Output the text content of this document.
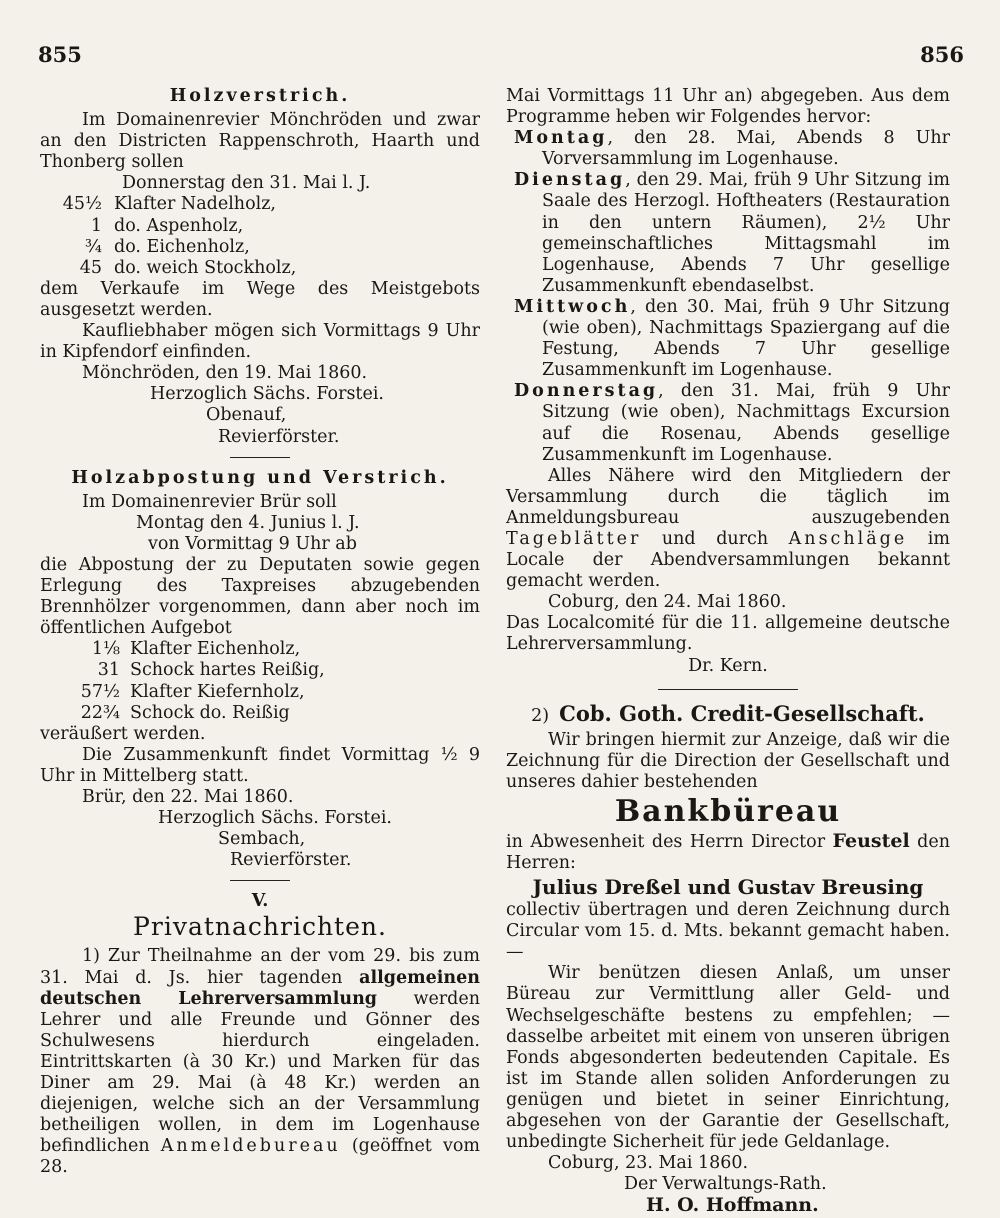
855	856

Holzverstrich.

Im Domainenrevier Mönchröden und zwar an den Districten Rappenschroth, Haarth und Thonberg sollen

Donnerstag den 31. Mai l. J.

45½ Klafter Nadelholz,

1 do. Aspenholz,

¾ do. Eichenholz,

45 do. weich Stockholz,

dem Verkaufe im Wege des Meistgebots ausgesetzt werden.

Kaufliebhaber mögen sich Vormittags 9 Uhr in Kipfendorf einfinden.

Mönchröden, den 19. Mai 1860.

Herzoglich Sächs. Forstei.

Obenauf,

Revierförster.

Holzabpostung und Verstrich.

Im Domainenrevier Brür soll

Montag den 4. Junius l. J.

von Vormittag 9 Uhr ab

die Abpostung der zu Deputaten sowie gegen Erlegung des Taxpreises abzugebenden Brennhölzer vorgenommen, dann aber noch im öffentlichen Aufgebot

1⅛ Klafter Eichenholz,

31 Schock hartes Reißig,

57½ Klafter Kiefernholz,

22¾ Schock do. Reißig

veräußert werden.

Die Zusammenkunft findet Vormittag ½ 9 Uhr in Mittelberg statt.

Brür, den 22. Mai 1860.

Herzoglich Sächs. Forstei.

Sembach,

Revierförster.

V.

Privatnachrichten.

1) Zur Theilnahme an der vom 29. bis zum 31. Mai d. Js. hier tagenden allgemeinen deutschen Lehrerversammlung werden Lehrer und alle Freunde und Gönner des Schulwesens hierdurch eingeladen. Eintrittskarten (à 30 Kr.) und Marken für das Diner am 29. Mai (à 48 Kr.) werden an diejenigen, welche sich an der Versammlung betheiligen wollen, in dem im Logenhause befindlichen Anmeldebureau (geöffnet vom 28.

Mai Vormittags 11 Uhr an) abgegeben. Aus dem Programme heben wir Folgendes hervor:

Montag, den 28. Mai, Abends 8 Uhr Vorversammlung im Logenhause.

Dienstag, den 29. Mai, früh 9 Uhr Sitzung im Saale des Herzogl. Hoftheaters (Restauration in den untern Räumen), 2½ Uhr gemeinschaftliches Mittagsmahl im Logenhause, Abends 7 Uhr gesellige Zusammenkunft ebendaselbst.

Mittwoch, den 30. Mai, früh 9 Uhr Sitzung (wie oben), Nachmittags Spaziergang auf die Festung, Abends 7 Uhr gesellige Zusammenkunft im Logenhause.

Donnerstag, den 31. Mai, früh 9 Uhr Sitzung (wie oben), Nachmittags Excursion auf die Rosenau, Abends gesellige Zusammenkunft im Logenhause.

Alles Nähere wird den Mitgliedern der Versammlung durch die täglich im Anmeldungsbureau auszugebenden Tageblätter und durch Anschläge im Locale der Abendversammlungen bekannt gemacht werden.

Coburg, den 24. Mai 1860.

Das Localcomité für die 11. allgemeine deutsche Lehrerversammlung.

Dr. Kern.

2) Cob. Goth. Credit-Gesellschaft.

Wir bringen hiermit zur Anzeige, daß wir die Zeichnung für die Direction der Gesellschaft und unseres dahier bestehenden

Bankbüreau

in Abwesenheit des Herrn Director Feustel den Herren:

Julius Dreßel und Gustav Breusing

collectiv übertragen und deren Zeichnung durch Circular vom 15. d. Mts. bekannt gemacht haben. —

Wir benützen diesen Anlaß, um unser Büreau zur Vermittlung aller Geld- und Wechselgeschäfte bestens zu empfehlen; — dasselbe arbeitet mit einem von unseren übrigen Fonds abgesonderten bedeutenden Capitale. Es ist im Stande allen soliden Anforderungen zu genügen und bietet in seiner Einrichtung, abgesehen von der Garantie der Gesellschaft, unbedingte Sicherheit für jede Geldanlage.

Coburg, 23. Mai 1860.

Der Verwaltungs-Rath.

H. O. Hoffmann.
